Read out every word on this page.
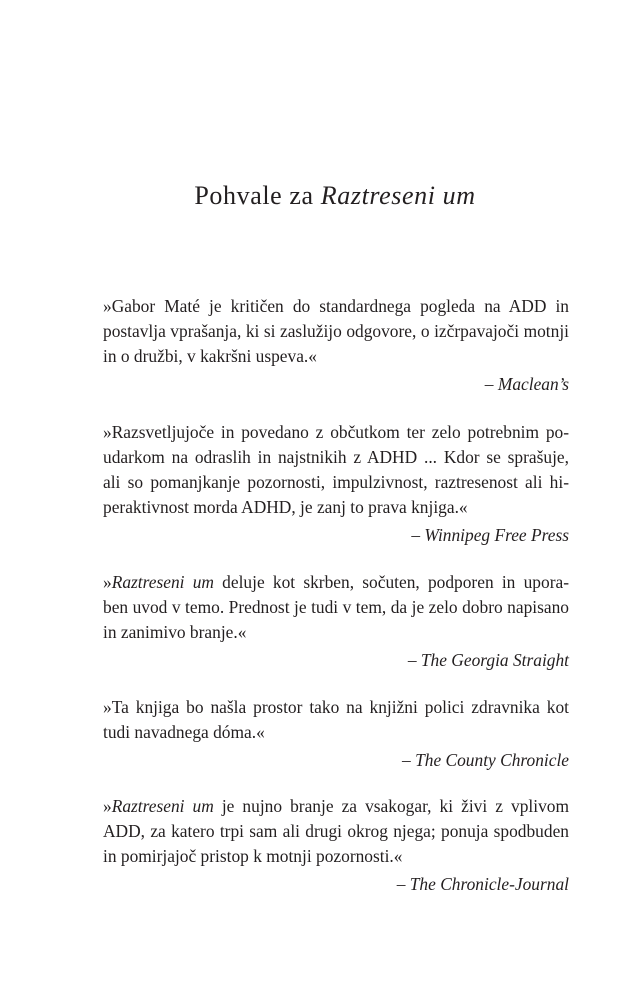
Pohvale za Raztreseni um

»Gabor Maté je kritičen do standardnega pogleda na ADD in
postavlja vprašanja, ki si zaslužijo odgovore, o izčrpavajoči motnji
in o družbi, v kakršni uspeva.«

– Maclean’s

»Razsvetljujoče in povedano z občutkom ter zelo potrebnim po-
udarkom na odraslih in najstnikih z ADHD ... Kdor se sprašuje,
ali so pomanjkanje pozornosti, impulzivnost, raztresenost ali hi-
peraktivnost morda ADHD, je zanj to prava knjiga.«

– Winnipeg Free Press

»Raztreseni um deluje kot skrben, sočuten, podporen in upora-
ben uvod v temo. Prednost je tudi v tem, da je zelo dobro napisano
in zanimivo branje.«

– The Georgia Straight

»Ta knjiga bo našla prostor tako na knjižni polici zdravnika kot
tudi navadnega dóma.«

– The County Chronicle

»Raztreseni um je nujno branje za vsakogar, ki živi z vplivom
ADD, za katero trpi sam ali drugi okrog njega; ponuja spodbuden
in pomirjajoč pristop k motnji pozornosti.«

– The Chronicle-Journal
